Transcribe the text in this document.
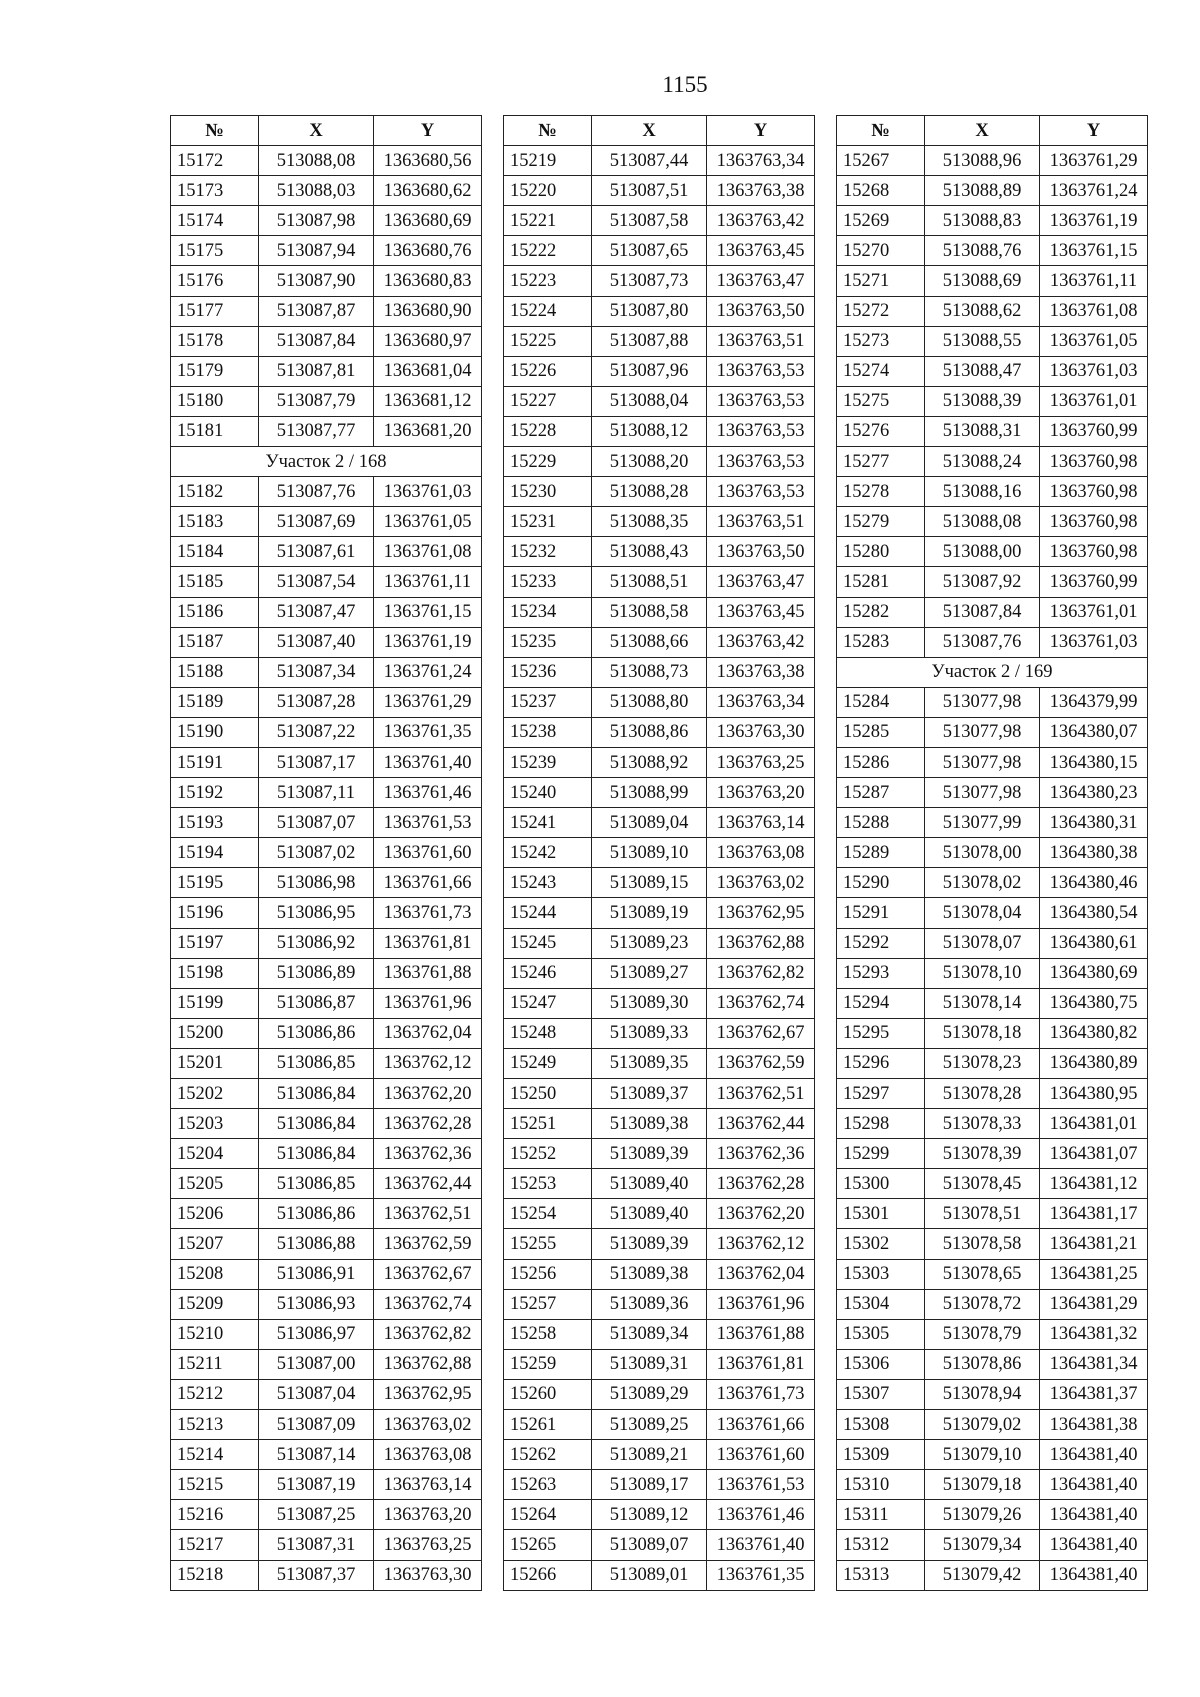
1155
№	X	Y
15172	513088,08	1363680,56
15173	513088,03	1363680,62
15174	513087,98	1363680,69
15175	513087,94	1363680,76
15176	513087,90	1363680,83
15177	513087,87	1363680,90
15178	513087,84	1363680,97
15179	513087,81	1363681,04
15180	513087,79	1363681,12
15181	513087,77	1363681,20
Участок 2 / 168		
15182	513087,76	1363761,03
15183	513087,69	1363761,05
15184	513087,61	1363761,08
15185	513087,54	1363761,11
15186	513087,47	1363761,15
15187	513087,40	1363761,19
15188	513087,34	1363761,24
15189	513087,28	1363761,29
15190	513087,22	1363761,35
15191	513087,17	1363761,40
15192	513087,11	1363761,46
15193	513087,07	1363761,53
15194	513087,02	1363761,60
15195	513086,98	1363761,66
15196	513086,95	1363761,73
15197	513086,92	1363761,81
15198	513086,89	1363761,88
15199	513086,87	1363761,96
15200	513086,86	1363762,04
15201	513086,85	1363762,12
15202	513086,84	1363762,20
15203	513086,84	1363762,28
15204	513086,84	1363762,36
15205	513086,85	1363762,44
15206	513086,86	1363762,51
15207	513086,88	1363762,59
15208	513086,91	1363762,67
15209	513086,93	1363762,74
15210	513086,97	1363762,82
15211	513087,00	1363762,88
15212	513087,04	1363762,95
15213	513087,09	1363763,02
15214	513087,14	1363763,08
15215	513087,19	1363763,14
15216	513087,25	1363763,20
15217	513087,31	1363763,25
15218	513087,37	1363763,30
№	X	Y
15219	513087,44	1363763,34
15220	513087,51	1363763,38
15221	513087,58	1363763,42
15222	513087,65	1363763,45
15223	513087,73	1363763,47
15224	513087,80	1363763,50
15225	513087,88	1363763,51
15226	513087,96	1363763,53
15227	513088,04	1363763,53
15228	513088,12	1363763,53
15229	513088,20	1363763,53
15230	513088,28	1363763,53
15231	513088,35	1363763,51
15232	513088,43	1363763,50
15233	513088,51	1363763,47
15234	513088,58	1363763,45
15235	513088,66	1363763,42
15236	513088,73	1363763,38
15237	513088,80	1363763,34
15238	513088,86	1363763,30
15239	513088,92	1363763,25
15240	513088,99	1363763,20
15241	513089,04	1363763,14
15242	513089,10	1363763,08
15243	513089,15	1363763,02
15244	513089,19	1363762,95
15245	513089,23	1363762,88
15246	513089,27	1363762,82
15247	513089,30	1363762,74
15248	513089,33	1363762,67
15249	513089,35	1363762,59
15250	513089,37	1363762,51
15251	513089,38	1363762,44
15252	513089,39	1363762,36
15253	513089,40	1363762,28
15254	513089,40	1363762,20
15255	513089,39	1363762,12
15256	513089,38	1363762,04
15257	513089,36	1363761,96
15258	513089,34	1363761,88
15259	513089,31	1363761,81
15260	513089,29	1363761,73
15261	513089,25	1363761,66
15262	513089,21	1363761,60
15263	513089,17	1363761,53
15264	513089,12	1363761,46
15265	513089,07	1363761,40
15266	513089,01	1363761,35
№	X	Y
15267	513088,96	1363761,29
15268	513088,89	1363761,24
15269	513088,83	1363761,19
15270	513088,76	1363761,15
15271	513088,69	1363761,11
15272	513088,62	1363761,08
15273	513088,55	1363761,05
15274	513088,47	1363761,03
15275	513088,39	1363761,01
15276	513088,31	1363760,99
15277	513088,24	1363760,98
15278	513088,16	1363760,98
15279	513088,08	1363760,98
15280	513088,00	1363760,98
15281	513087,92	1363760,99
15282	513087,84	1363761,01
15283	513087,76	1363761,03
Участок 2 / 169		
15284	513077,98	1364379,99
15285	513077,98	1364380,07
15286	513077,98	1364380,15
15287	513077,98	1364380,23
15288	513077,99	1364380,31
15289	513078,00	1364380,38
15290	513078,02	1364380,46
15291	513078,04	1364380,54
15292	513078,07	1364380,61
15293	513078,10	1364380,69
15294	513078,14	1364380,75
15295	513078,18	1364380,82
15296	513078,23	1364380,89
15297	513078,28	1364380,95
15298	513078,33	1364381,01
15299	513078,39	1364381,07
15300	513078,45	1364381,12
15301	513078,51	1364381,17
15302	513078,58	1364381,21
15303	513078,65	1364381,25
15304	513078,72	1364381,29
15305	513078,79	1364381,32
15306	513078,86	1364381,34
15307	513078,94	1364381,37
15308	513079,02	1364381,38
15309	513079,10	1364381,40
15310	513079,18	1364381,40
15311	513079,26	1364381,40
15312	513079,34	1364381,40
15313	513079,42	1364381,40
